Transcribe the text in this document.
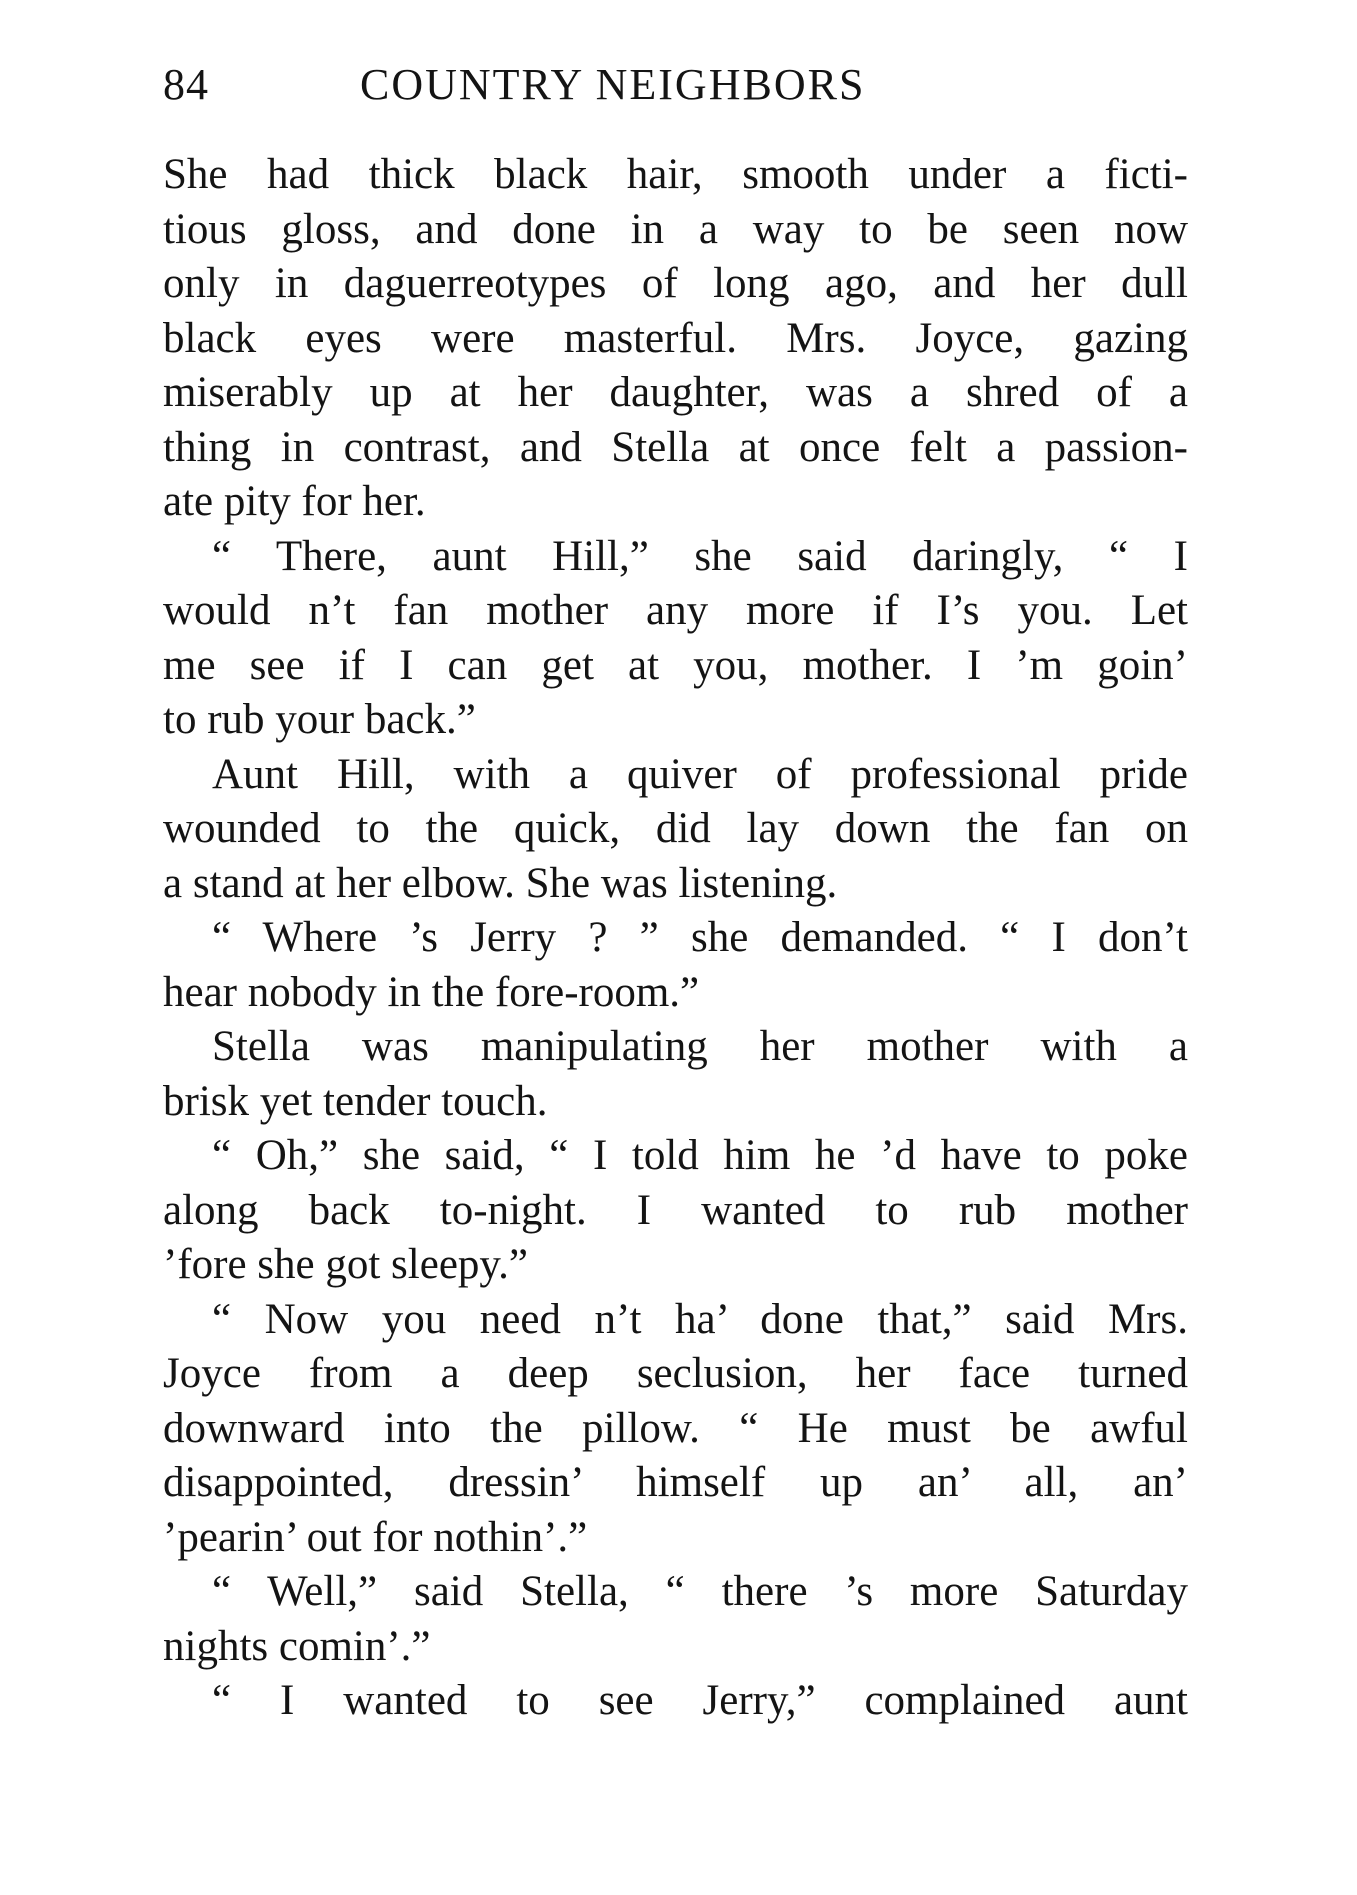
84	COUNTRY NEIGHBORS
She had thick black hair, smooth under a ficti-
tious gloss, and done in a way to be seen now
only in daguerreotypes of long ago, and her dull
black eyes were masterful. Mrs. Joyce, gazing
miserably up at her daughter, was a shred of a
thing in contrast, and Stella at once felt a passion-
ate pity for her.
“ There, aunt Hill,” she said daringly, “ I
would n’t fan mother any more if I’s you. Let
me see if I can get at you, mother. I ’m goin’
to rub your back.”
Aunt Hill, with a quiver of professional pride
wounded to the quick, did lay down the fan on
a stand at her elbow. She was listening.
“ Where ’s Jerry ? ” she demanded. “ I don’t
hear nobody in the fore-room.”
Stella was manipulating her mother with a
brisk yet tender touch.
“ Oh,” she said, “ I told him he ’d have to poke
along back to-night. I wanted to rub mother
’fore she got sleepy.”
“ Now you need n’t ha’ done that,” said Mrs.
Joyce from a deep seclusion, her face turned
downward into the pillow. “ He must be awful
disappointed, dressin’ himself up an’ all, an’
’pearin’ out for nothin’.”
“ Well,” said Stella, “ there ’s more Saturday
nights comin’.”
“ I wanted to see Jerry,” complained aunt
